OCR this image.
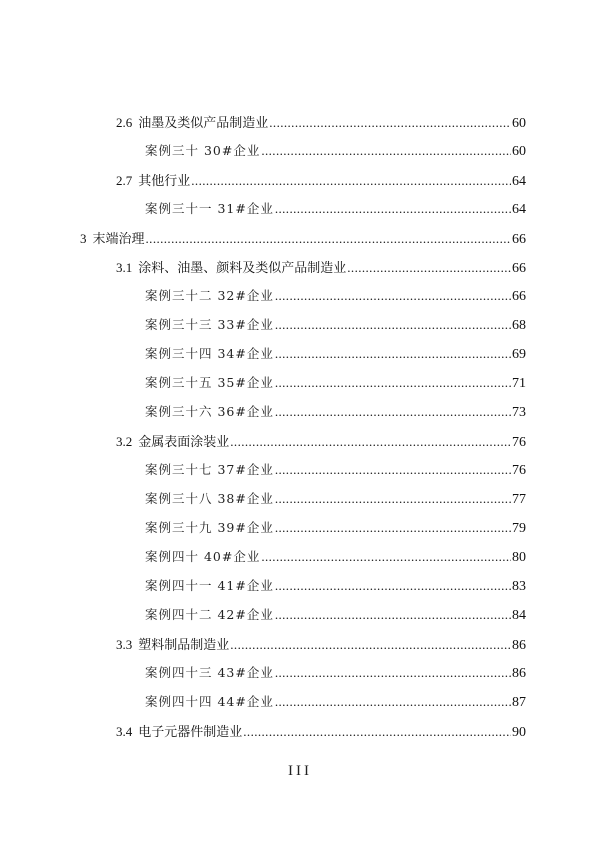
2.6 油墨及类似产品制造业 .....	60
案例三十 30#企业 .....	60
2.7 其他行业 .....	64
案例三十一 31#企业 .....	64
3 末端治理 .....	66
3.1 涂料、油墨、颜料及类似产品制造业 .....	66
案例三十二 32#企业 .....	66
案例三十三 33#企业 .....	68
案例三十四 34#企业 .....	69
案例三十五 35#企业 .....	71
案例三十六 36#企业 .....	73
3.2 金属表面涂装业 .....	76
案例三十七 37#企业 .....	76
案例三十八 38#企业 .....	77
案例三十九 39#企业 .....	79
案例四十 40#企业 .....	80
案例四十一 41#企业 .....	83
案例四十二 42#企业 .....	84
3.3 塑料制品制造业 .....	86
案例四十三 43#企业 .....	86
案例四十四 44#企业 .....	87
3.4 电子元器件制造业 .....	90
III
